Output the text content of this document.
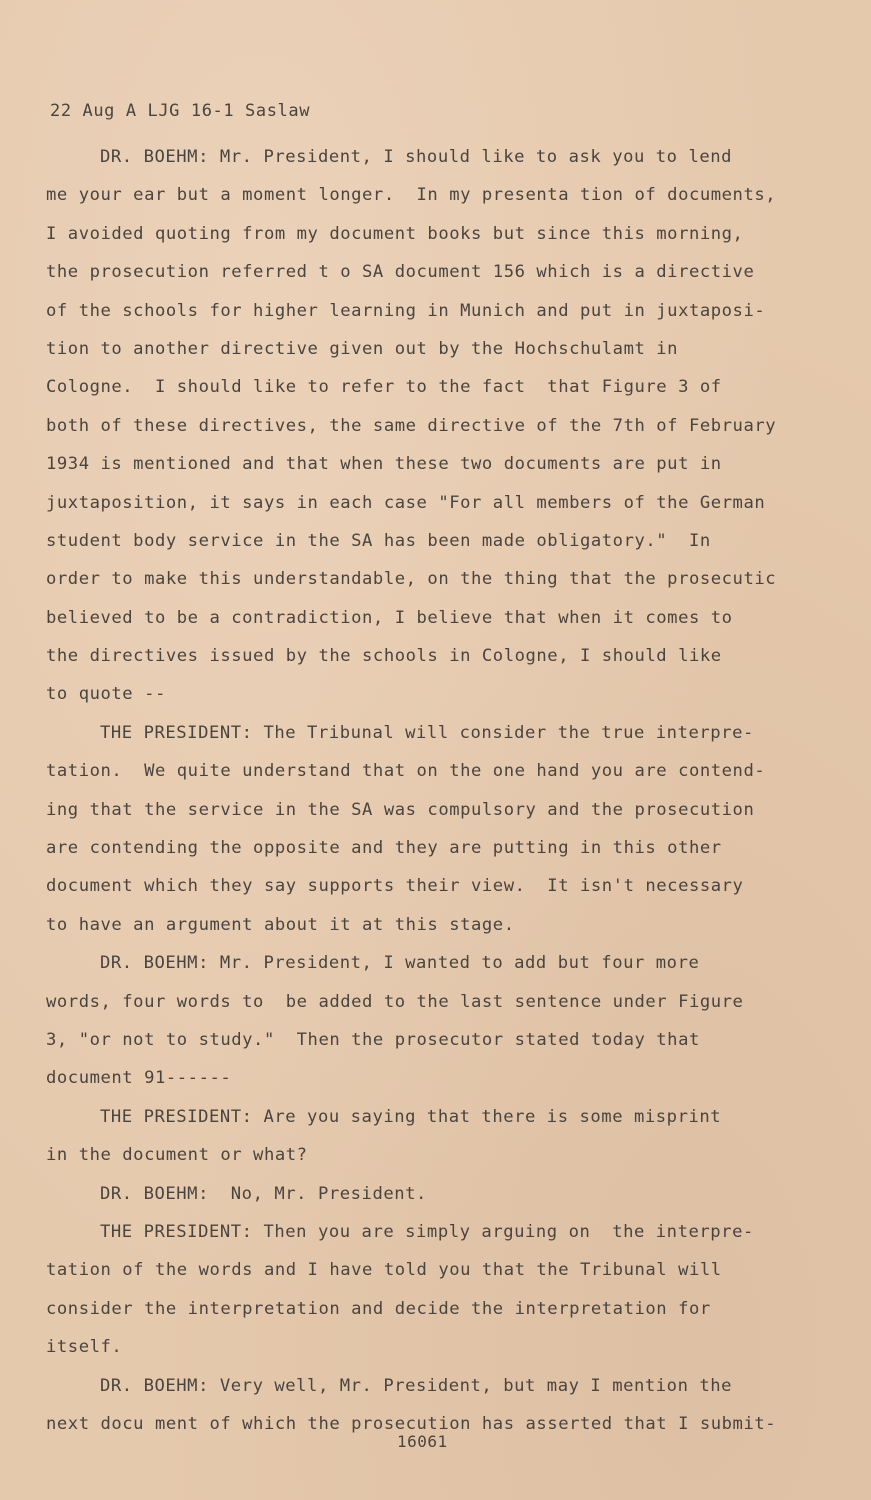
22 Aug A LJG 16-1 Saslaw
DR. BOEHM: Mr. President, I should like to ask you to lend
me your ear but a moment longer.  In my presenta tion of documents,
I avoided quoting from my document books but since this morning,
the prosecution referred t o SA document 156 which is a directive
of the schools for higher learning in Munich and put in juxtaposi-
tion to another directive given out by the Hochschulamt in
Cologne.  I should like to refer to the fact  that Figure 3 of
both of these directives, the same directive of the 7th of February
1934 is mentioned and that when these two documents are put in
juxtaposition, it says in each case "For all members of the German
student body service in the SA has been made obligatory."  In
order to make this understandable, on the thing that the prosecutic
believed to be a contradiction, I believe that when it comes to
the directives issued by the schools in Cologne, I should like
to quote --
THE PRESIDENT: The Tribunal will consider the true interpre-
tation.  We quite understand that on the one hand you are contend-
ing that the service in the SA was compulsory and the prosecution
are contending the opposite and they are putting in this other
document which they say supports their view.  It isn't necessary
to have an argument about it at this stage.
DR. BOEHM: Mr. President, I wanted to add but four more
words, four words to  be added to the last sentence under Figure
3, "or not to study."  Then the prosecutor stated today that
document 91------
THE PRESIDENT: Are you saying that there is some misprint
in the document or what?
DR. BOEHM:  No, Mr. President.
THE PRESIDENT: Then you are simply arguing on  the interpre-
tation of the words and I have told you that the Tribunal will
consider the interpretation and decide the interpretation for
itself.
DR. BOEHM: Very well, Mr. President, but may I mention the
next docu ment of which the prosecution has asserted that I submit-
16061
